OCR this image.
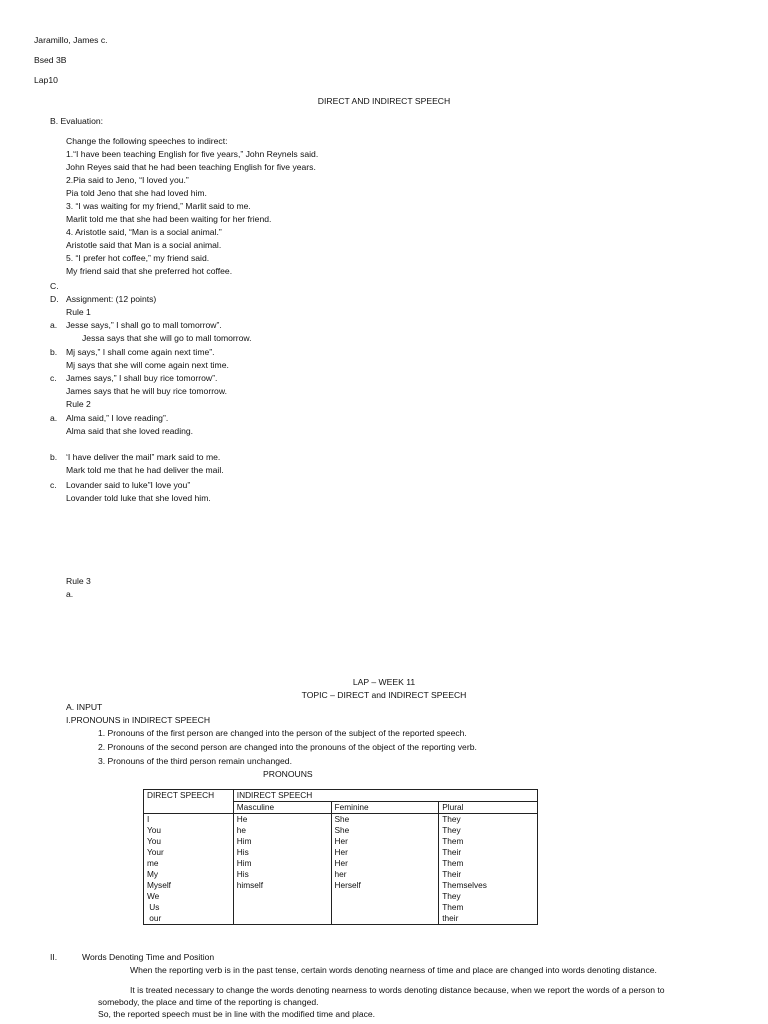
Jaramillo, James c.
Bsed 3B
Lap10
DIRECT AND INDIRECT SPEECH
B. Evaluation:
Change the following speeches to indirect:
1.“I have been teaching English for five years,” John Reynels said.
John Reyes said that he had been teaching English for five years.
2.Pia said to Jeno, “I loved you.”
Pia told Jeno that she had loved him.
3. “I was waiting for my friend,” Marlit said to me.
Marlit told me that she had been waiting for her friend.
4. Aristotle said, “Man is a social animal.”
Aristotle said that Man is a social animal.
5. “I prefer hot coffee,” my friend said.
My friend said that she preferred hot coffee.
C.
D. Assignment: (12 points)
Rule 1
a. Jesse says,” I shall go to mall tomorrow”.
Jessa says that she will go to mall tomorrow.
b. Mj says,” I shall come again next time”.
Mj says that she will come again next time.
c. James says,” I shall buy rice tomorrow”.
James says that he will buy rice tomorrow.
Rule 2
a. Alma said,” I love reading”.
Alma said that she loved reading.
b. ‘I have deliver the mail” mark said to me.
Mark told me that he had deliver the mail.
c. Lovander said to luke”I love you”
Lovander told luke that she loved him.
Rule 3
a.
LAP – WEEK 11
TOPIC – DIRECT and INDIRECT SPEECH
A. INPUT
I.PRONOUNS in INDIRECT SPEECH
1. Pronouns of the first person are changed into the person of the subject of the reported speech.
2. Pronouns of the second person are changed into the pronouns of the object of the reporting verb.
3. Pronouns of the third person remain unchanged.
PRONOUNS
DIRECT SPEECH	INDIRECT SPEECH		
	Masculine	Feminine	Plural
I	He	She	They
You	he	She	They
You	Him	Her	Them
Your	His	Her	Their
me	Him	Her	Them
My	His	her	Their
Myself	himself	Herself	Themselves
We			They
Us			Them
our			their
II.	Words Denoting Time and Position
When the reporting verb is in the past tense, certain words denoting nearness of time and place are changed into words denoting distance.
It is treated necessary to change the words denoting nearness to words denoting distance because, when we report the words of a person to
somebody, the place and time of the reporting is changed.
So, the reported speech must be in line with the modified time and place.
